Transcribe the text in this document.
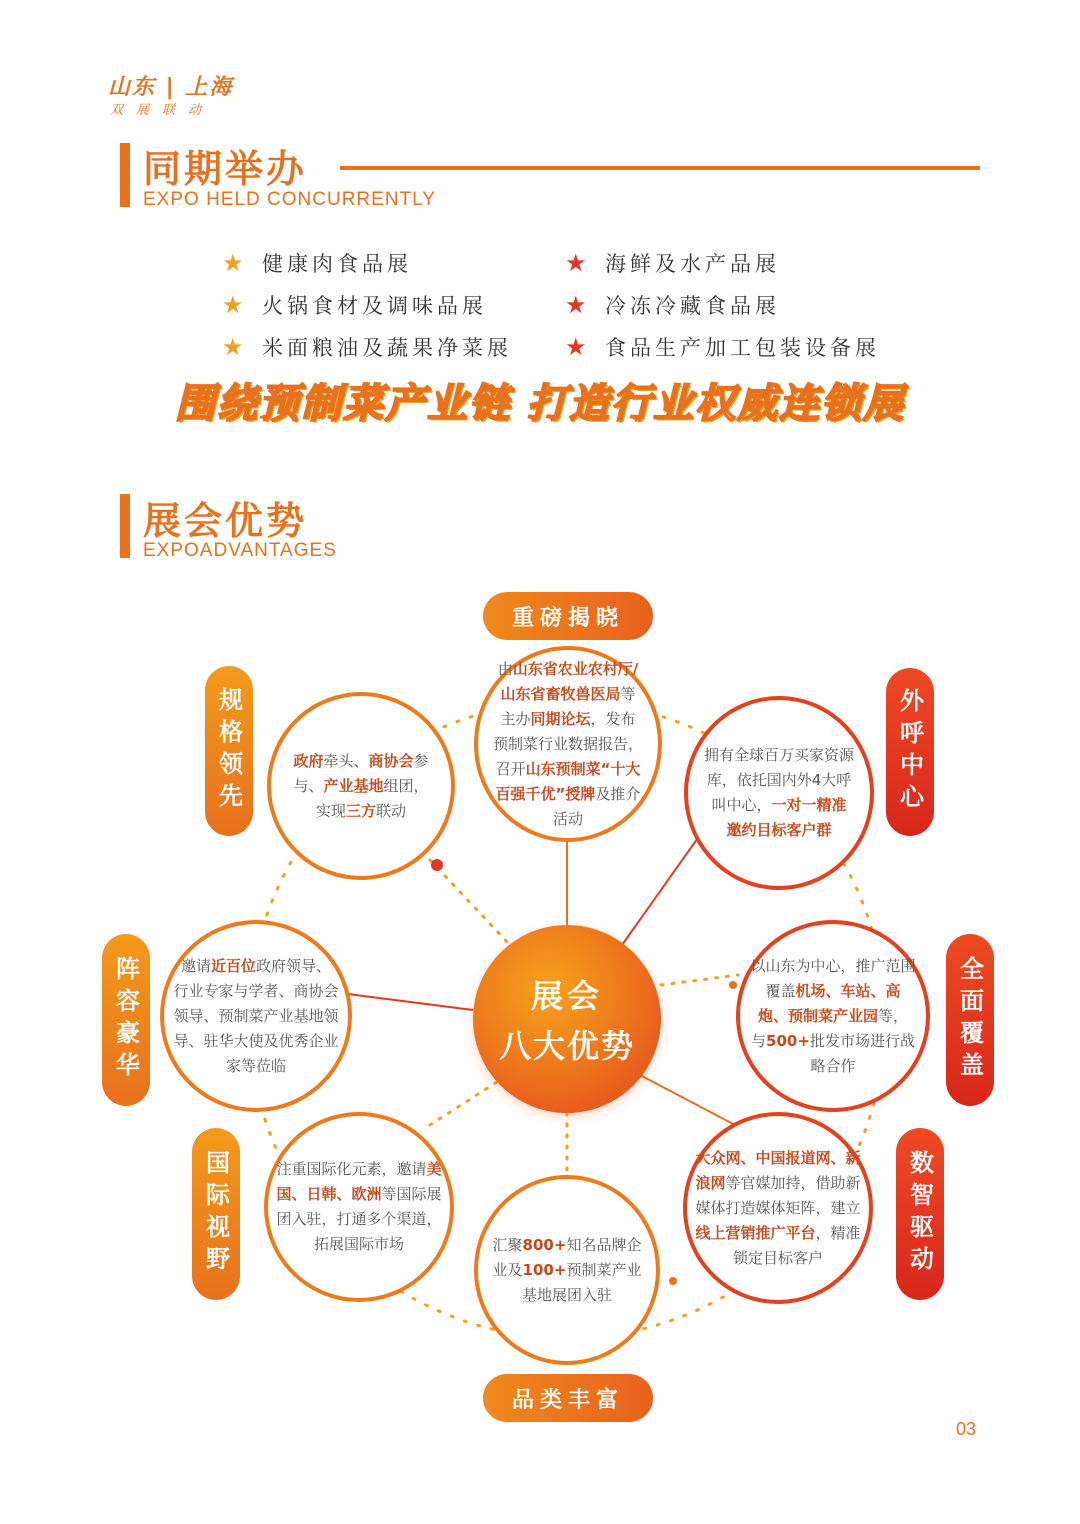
山东 | 上海
双展联动
同期举办
EXPO HELD CONCURRENTLY
★ 健康肉食品展
★ 火锅食材及调味品展
★ 米面粮油及蔬果净菜展
★ 海鲜及水产品展
★ 冷冻冷藏食品展
★ 食品生产加工包装设备展
围绕预制菜产业链 打造行业权威连锁展
展会优势
EXPOADVANTAGES
由山东省农业农村厅/山东省畜牧兽医局等主办同期论坛，发布预制菜行业数据报告，召开山东预制菜“十大百强千优”授牌及推介活动
政府牵头、商协会参与、产业基地组团，实现三方联动
拥有全球百万买家资源库，依托国内外4大呼叫中心，一对一精准邀约目标客户群
邀请近百位政府领导、行业专家与学者、商协会领导、预制菜产业基地领导、驻华大使及优秀企业家等莅临
以山东为中心，推广范围覆盖机场、车站、高炮、预制菜产业园等，与500+批发市场进行战略合作
注重国际化元素，邀请美国、日韩、欧洲等国际展团入驻，打通多个渠道，拓展国际市场	汇聚800+知名品牌企业及100+预制菜产业基地展团入驻
大众网、中国报道网、新浪网等官媒加持，借助新媒体打造媒体矩阵，建立线上营销推广平台，精准锁定目标客户
展会
八大优势
重磅揭晓
品类丰富
规格领先	外呼中心
阵容豪华	全面覆盖
国际视野	数智驱动
03
